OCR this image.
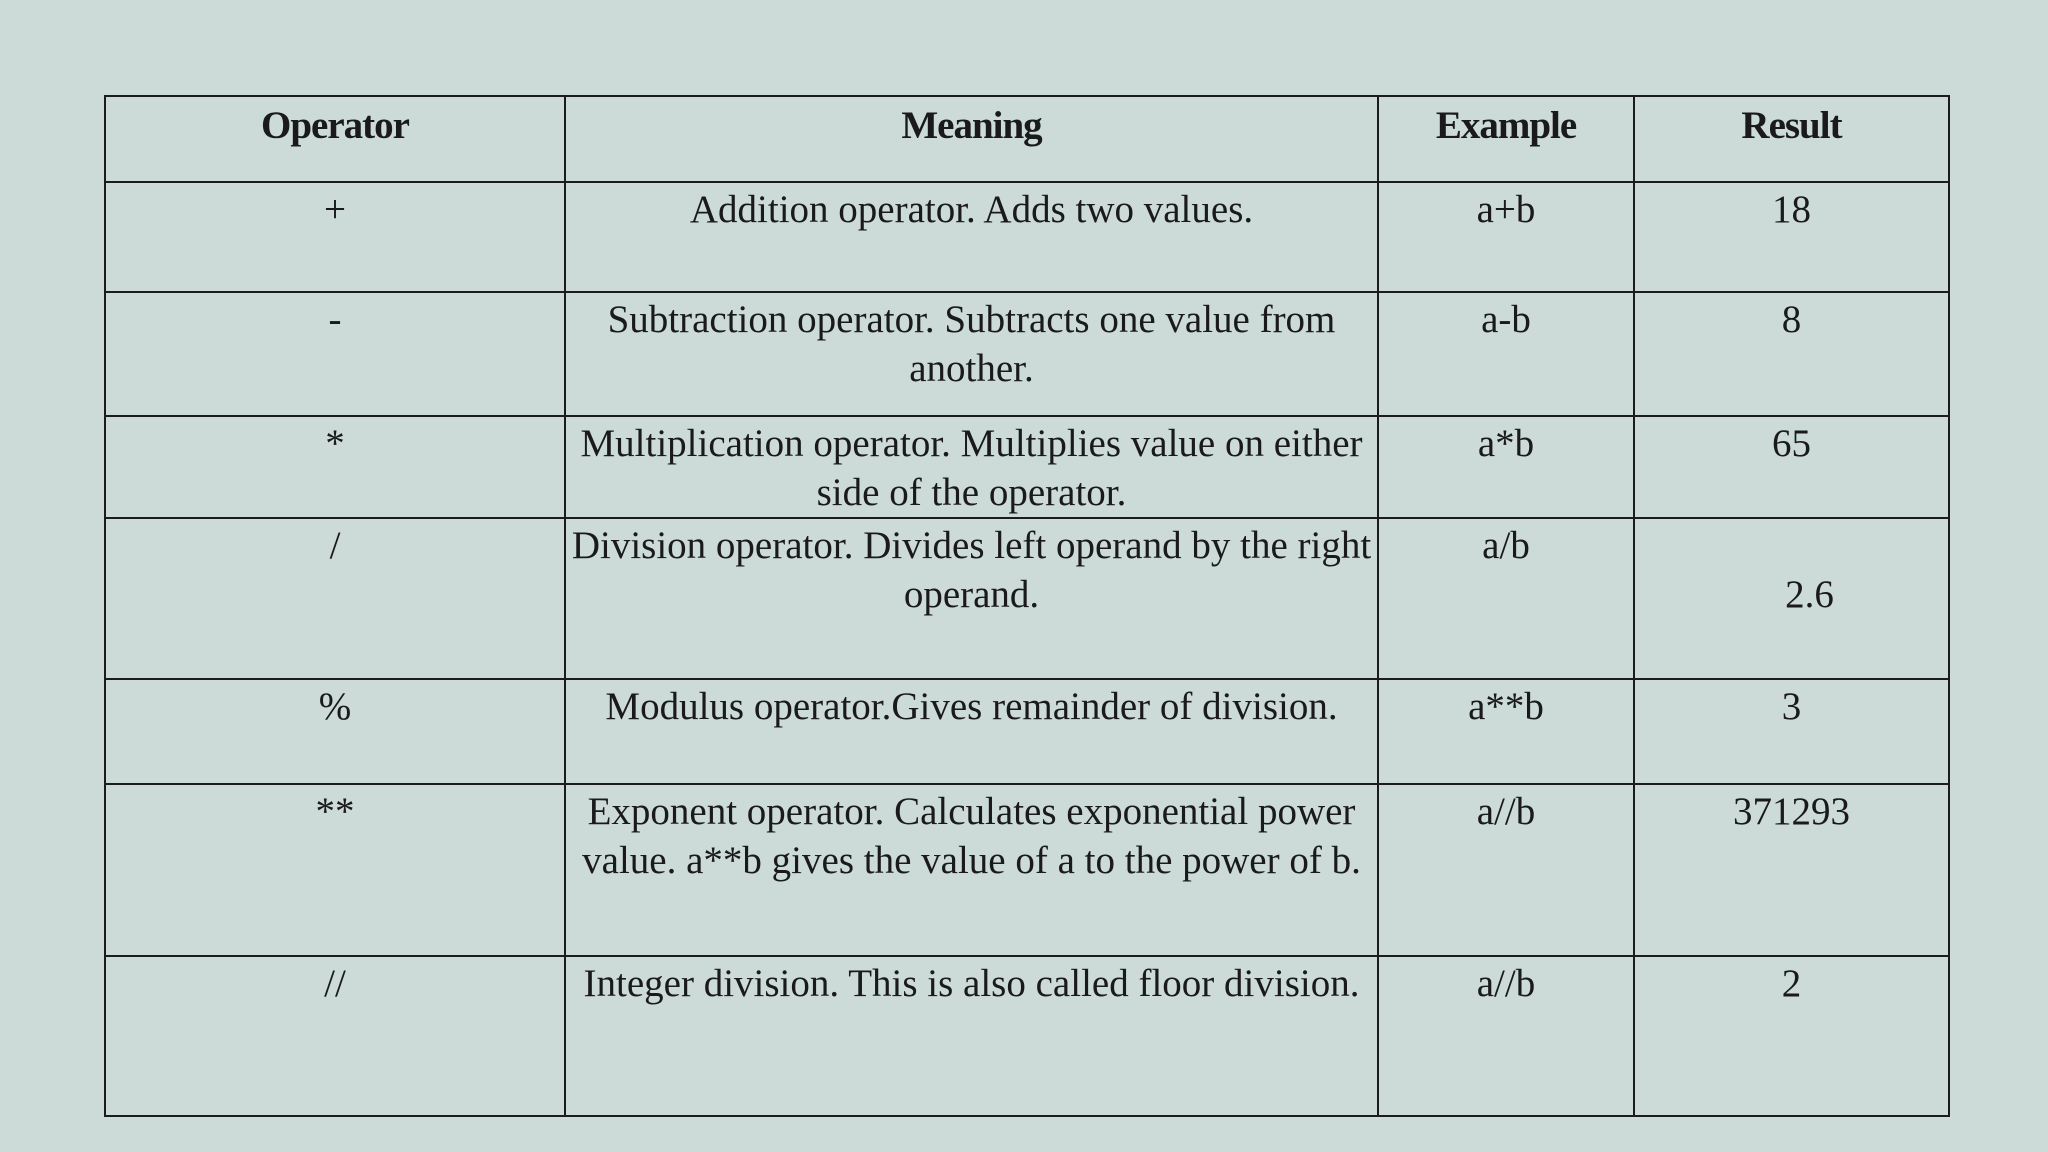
Operator	Meaning	Example	Result
+	Addition operator. Adds two values.	a+b	18
-	Subtraction operator. Subtracts one value from another.	a-b	8
*	Multiplication operator. Multiplies value on either side of the operator.	a*b	65
/	Division operator. Divides left operand by the right operand.	a/b	2.6
%	Modulus operator.Gives remainder of division.	a**b	3
**	Exponent operator. Calculates exponential power value. a**b gives the value of a to the power of b.	a//b	371293
//	Integer division. This is also called floor division.	a//b	2
